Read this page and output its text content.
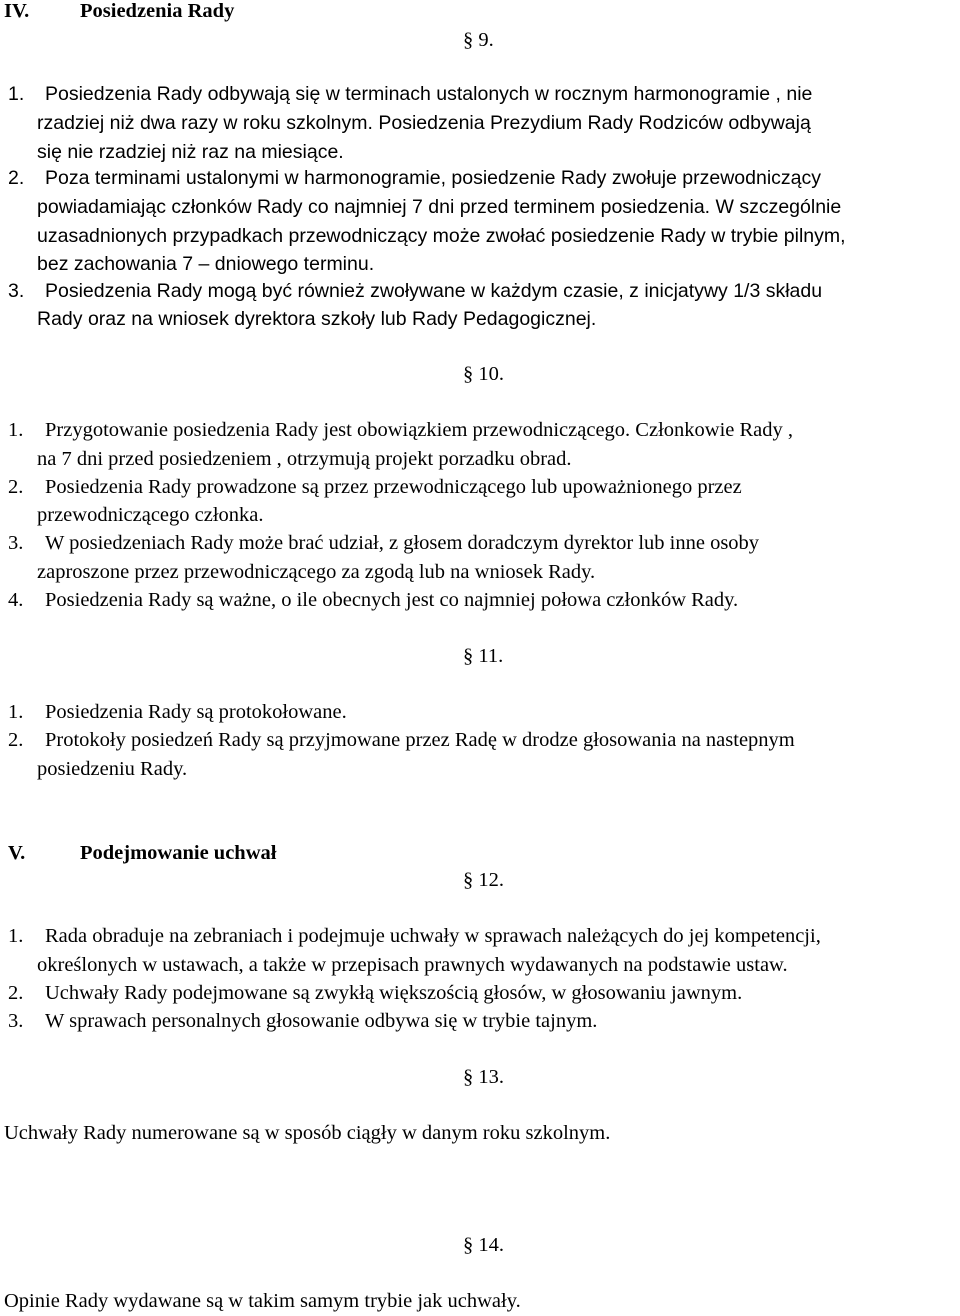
IV. Posiedzenia Rady
§ 9.
1. Posiedzenia Rady odbywają się w terminach ustalonych w rocznym harmonogramie , nie
rzadziej niż dwa razy w roku szkolnym. Posiedzenia Prezydium Rady Rodziców odbywają
się nie rzadziej niż raz na miesiące.
2. Poza terminami ustalonymi w harmonogramie, posiedzenie Rady zwołuje przewodniczący
powiadamiając członków Rady co najmniej 7 dni przed terminem posiedzenia. W szczególnie
uzasadnionych przypadkach przewodniczący może zwołać posiedzenie Rady w trybie pilnym,
bez zachowania 7 – dniowego terminu.
3. Posiedzenia Rady mogą być również zwoływane w każdym czasie, z inicjatywy 1/3 składu
Rady oraz na wniosek dyrektora szkoły lub Rady Pedagogicznej.
§ 10.
1. Przygotowanie posiedzenia Rady jest obowiązkiem przewodniczącego. Członkowie Rady ,
na 7 dni przed posiedzeniem , otrzymują projekt porzadku obrad.
2. Posiedzenia Rady prowadzone są przez przewodniczącego lub upoważnionego przez
przewodniczącego członka.
3. W posiedzeniach Rady może brać udział, z głosem doradczym dyrektor lub inne osoby
zaproszone przez przewodniczącego za zgodą lub na wniosek Rady.
4. Posiedzenia Rady są ważne, o ile obecnych jest co najmniej połowa członków Rady.
§ 11.
1. Posiedzenia Rady są protokołowane.
2. Protokoły posiedzeń Rady są przyjmowane przez Radę w drodze głosowania na nastepnym
posiedzeniu Rady.
V.	Podejmowanie uchwał
§ 12.
1. Rada obraduje na zebraniach i podejmuje uchwały w sprawach należących do jej kompetencji,
określonych w ustawach, a także w przepisach prawnych wydawanych na podstawie ustaw.
2. Uchwały Rady podejmowane są zwykłą większością głosów, w głosowaniu jawnym.
3. W sprawach personalnych głosowanie odbywa się w trybie tajnym.
§ 13.
Uchwały Rady numerowane są w sposób ciągły w danym roku szkolnym.
§ 14.
Opinie Rady wydawane są w takim samym trybie jak uchwały.
